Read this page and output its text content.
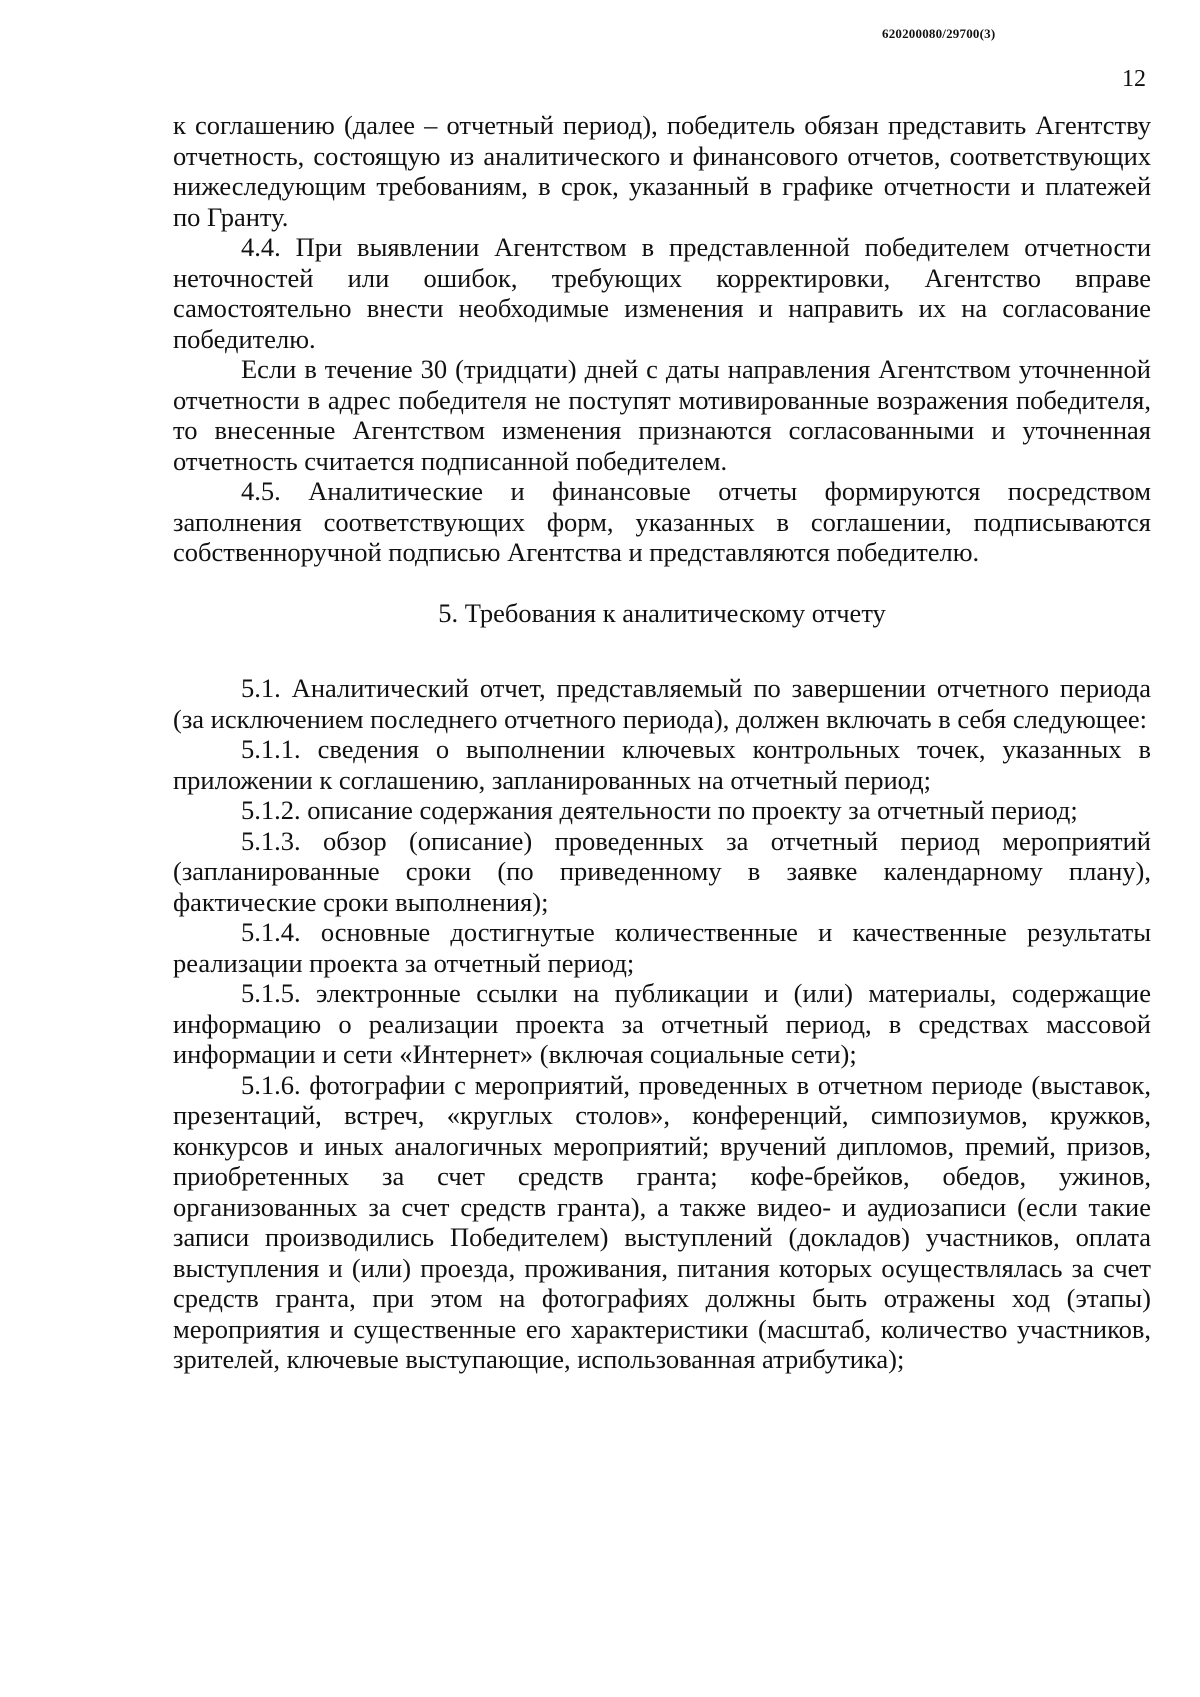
620200080/29700(3)
12

к соглашению (далее – отчетный период), победитель обязан представить Агентству отчетность, состоящую из аналитического и финансового отчетов, соответствующих нижеследующим требованиям, в срок, указанный в графике отчетности и платежей по Гранту.

4.4. При выявлении Агентством в представленной победителем отчетности неточностей или ошибок, требующих корректировки, Агентство вправе самостоятельно внести необходимые изменения и направить их на согласование победителю.

Если в течение 30 (тридцати) дней с даты направления Агентством уточненной отчетности в адрес победителя не поступят мотивированные возражения победителя, то внесенные Агентством изменения признаются согласованными и уточненная отчетность считается подписанной победителем.

4.5. Аналитические и финансовые отчеты формируются посредством заполнения соответствующих форм, указанных в соглашении, подписываются собственноручной подписью Агентства и представляются победителю.

5. Требования к аналитическому отчету

5.1. Аналитический отчет, представляемый по завершении отчетного периода (за исключением последнего отчетного периода), должен включать в себя следующее:

5.1.1. сведения о выполнении ключевых контрольных точек, указанных в приложении к соглашению, запланированных на отчетный период;

5.1.2. описание содержания деятельности по проекту за отчетный период;

5.1.3. обзор (описание) проведенных за отчетный период мероприятий (запланированные сроки (по приведенному в заявке календарному плану), фактические сроки выполнения);

5.1.4. основные достигнутые количественные и качественные результаты реализации проекта за отчетный период;

5.1.5. электронные ссылки на публикации и (или) материалы, содержащие информацию о реализации проекта за отчетный период, в средствах массовой информации и сети «Интернет» (включая социальные сети);

5.1.6. фотографии с мероприятий, проведенных в отчетном периоде (выставок, презентаций, встреч, «круглых столов», конференций, симпозиумов, кружков, конкурсов и иных аналогичных мероприятий; вручений дипломов, премий, призов, приобретенных за счет средств гранта; кофе-брейков, обедов, ужинов, организованных за счет средств гранта), а также видео- и аудиозаписи (если такие записи производились Победителем) выступлений (докладов) участников, оплата выступления и (или) проезда, проживания, питания которых осуществлялась за счет средств гранта, при этом на фотографиях должны быть отражены ход (этапы) мероприятия и существенные его характеристики (масштаб, количество участников, зрителей, ключевые выступающие, использованная атрибутика);
